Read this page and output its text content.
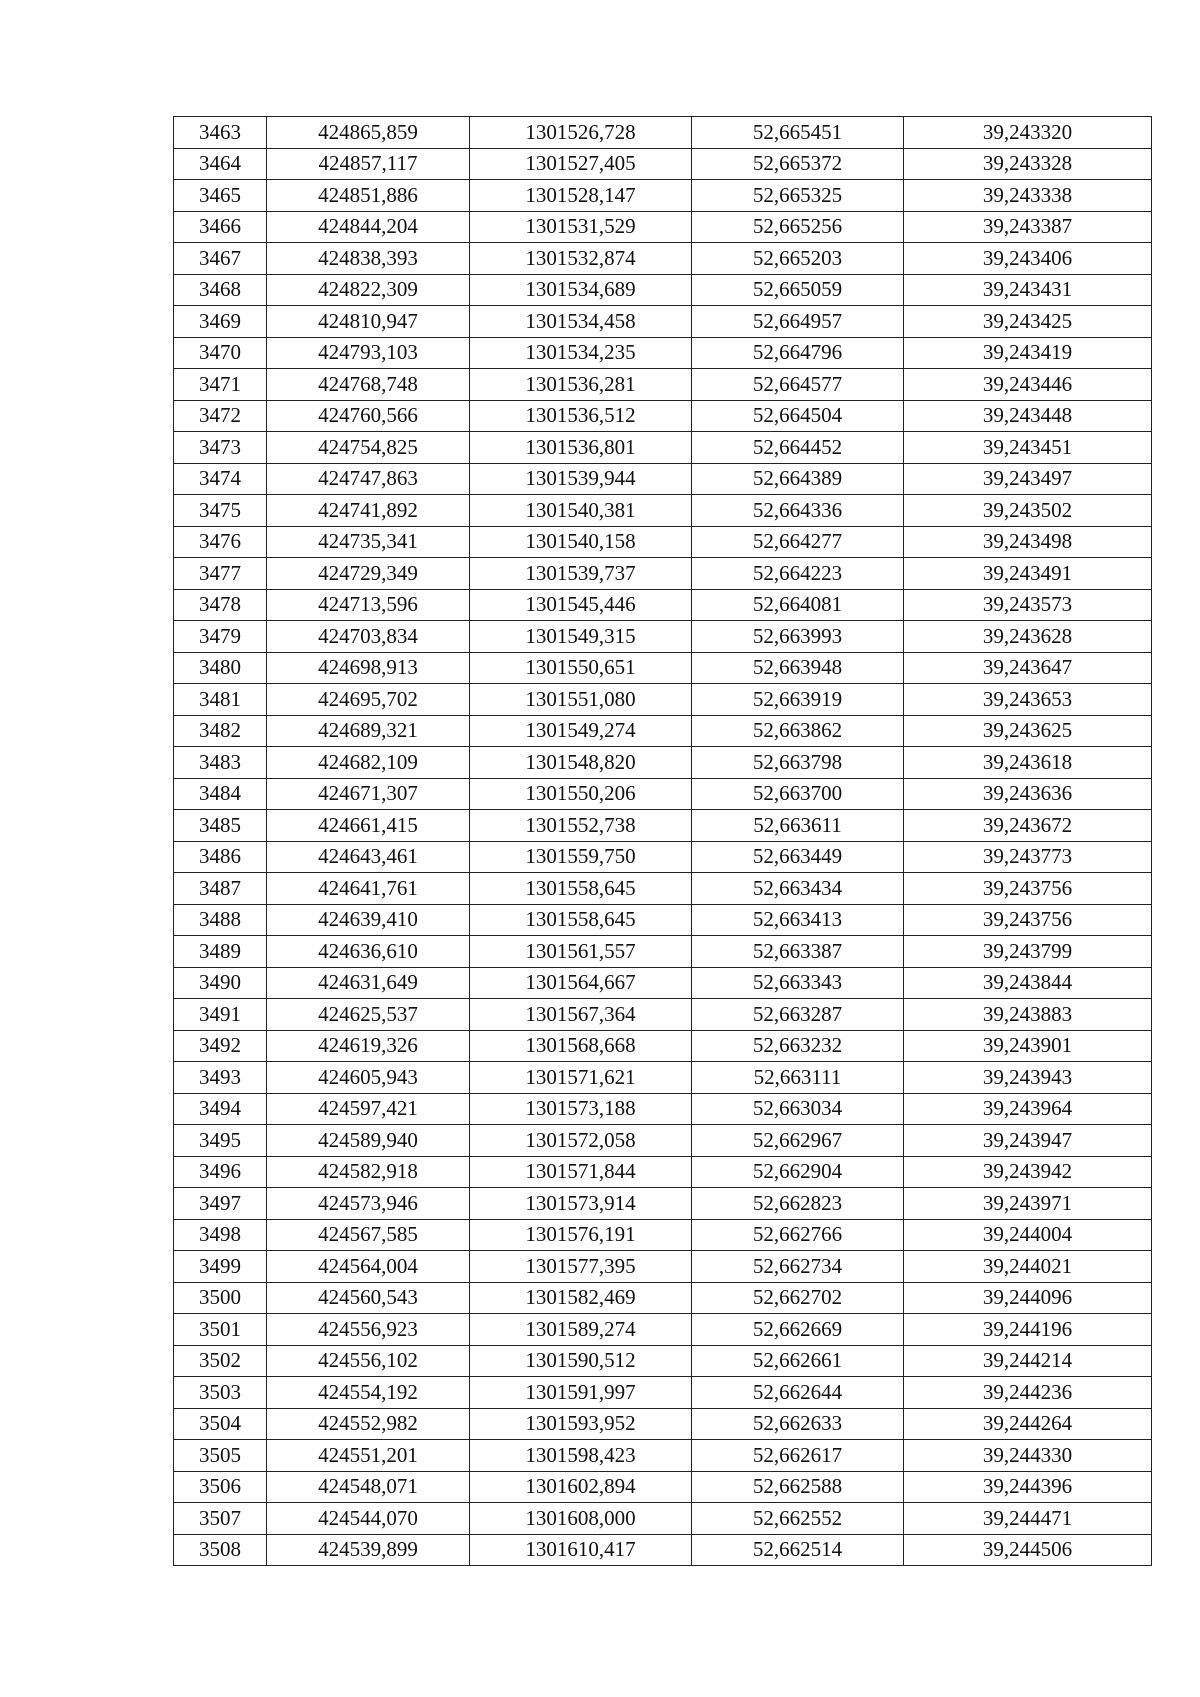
3463	424865,859	1301526,728	52,665451	39,243320
3464	424857,117	1301527,405	52,665372	39,243328
3465	424851,886	1301528,147	52,665325	39,243338
3466	424844,204	1301531,529	52,665256	39,243387
3467	424838,393	1301532,874	52,665203	39,243406
3468	424822,309	1301534,689	52,665059	39,243431
3469	424810,947	1301534,458	52,664957	39,243425
3470	424793,103	1301534,235	52,664796	39,243419
3471	424768,748	1301536,281	52,664577	39,243446
3472	424760,566	1301536,512	52,664504	39,243448
3473	424754,825	1301536,801	52,664452	39,243451
3474	424747,863	1301539,944	52,664389	39,243497
3475	424741,892	1301540,381	52,664336	39,243502
3476	424735,341	1301540,158	52,664277	39,243498
3477	424729,349	1301539,737	52,664223	39,243491
3478	424713,596	1301545,446	52,664081	39,243573
3479	424703,834	1301549,315	52,663993	39,243628
3480	424698,913	1301550,651	52,663948	39,243647
3481	424695,702	1301551,080	52,663919	39,243653
3482	424689,321	1301549,274	52,663862	39,243625
3483	424682,109	1301548,820	52,663798	39,243618
3484	424671,307	1301550,206	52,663700	39,243636
3485	424661,415	1301552,738	52,663611	39,243672
3486	424643,461	1301559,750	52,663449	39,243773
3487	424641,761	1301558,645	52,663434	39,243756
3488	424639,410	1301558,645	52,663413	39,243756
3489	424636,610	1301561,557	52,663387	39,243799
3490	424631,649	1301564,667	52,663343	39,243844
3491	424625,537	1301567,364	52,663287	39,243883
3492	424619,326	1301568,668	52,663232	39,243901
3493	424605,943	1301571,621	52,663111	39,243943
3494	424597,421	1301573,188	52,663034	39,243964
3495	424589,940	1301572,058	52,662967	39,243947
3496	424582,918	1301571,844	52,662904	39,243942
3497	424573,946	1301573,914	52,662823	39,243971
3498	424567,585	1301576,191	52,662766	39,244004
3499	424564,004	1301577,395	52,662734	39,244021
3500	424560,543	1301582,469	52,662702	39,244096
3501	424556,923	1301589,274	52,662669	39,244196
3502	424556,102	1301590,512	52,662661	39,244214
3503	424554,192	1301591,997	52,662644	39,244236
3504	424552,982	1301593,952	52,662633	39,244264
3505	424551,201	1301598,423	52,662617	39,244330
3506	424548,071	1301602,894	52,662588	39,244396
3507	424544,070	1301608,000	52,662552	39,244471
3508	424539,899	1301610,417	52,662514	39,244506
